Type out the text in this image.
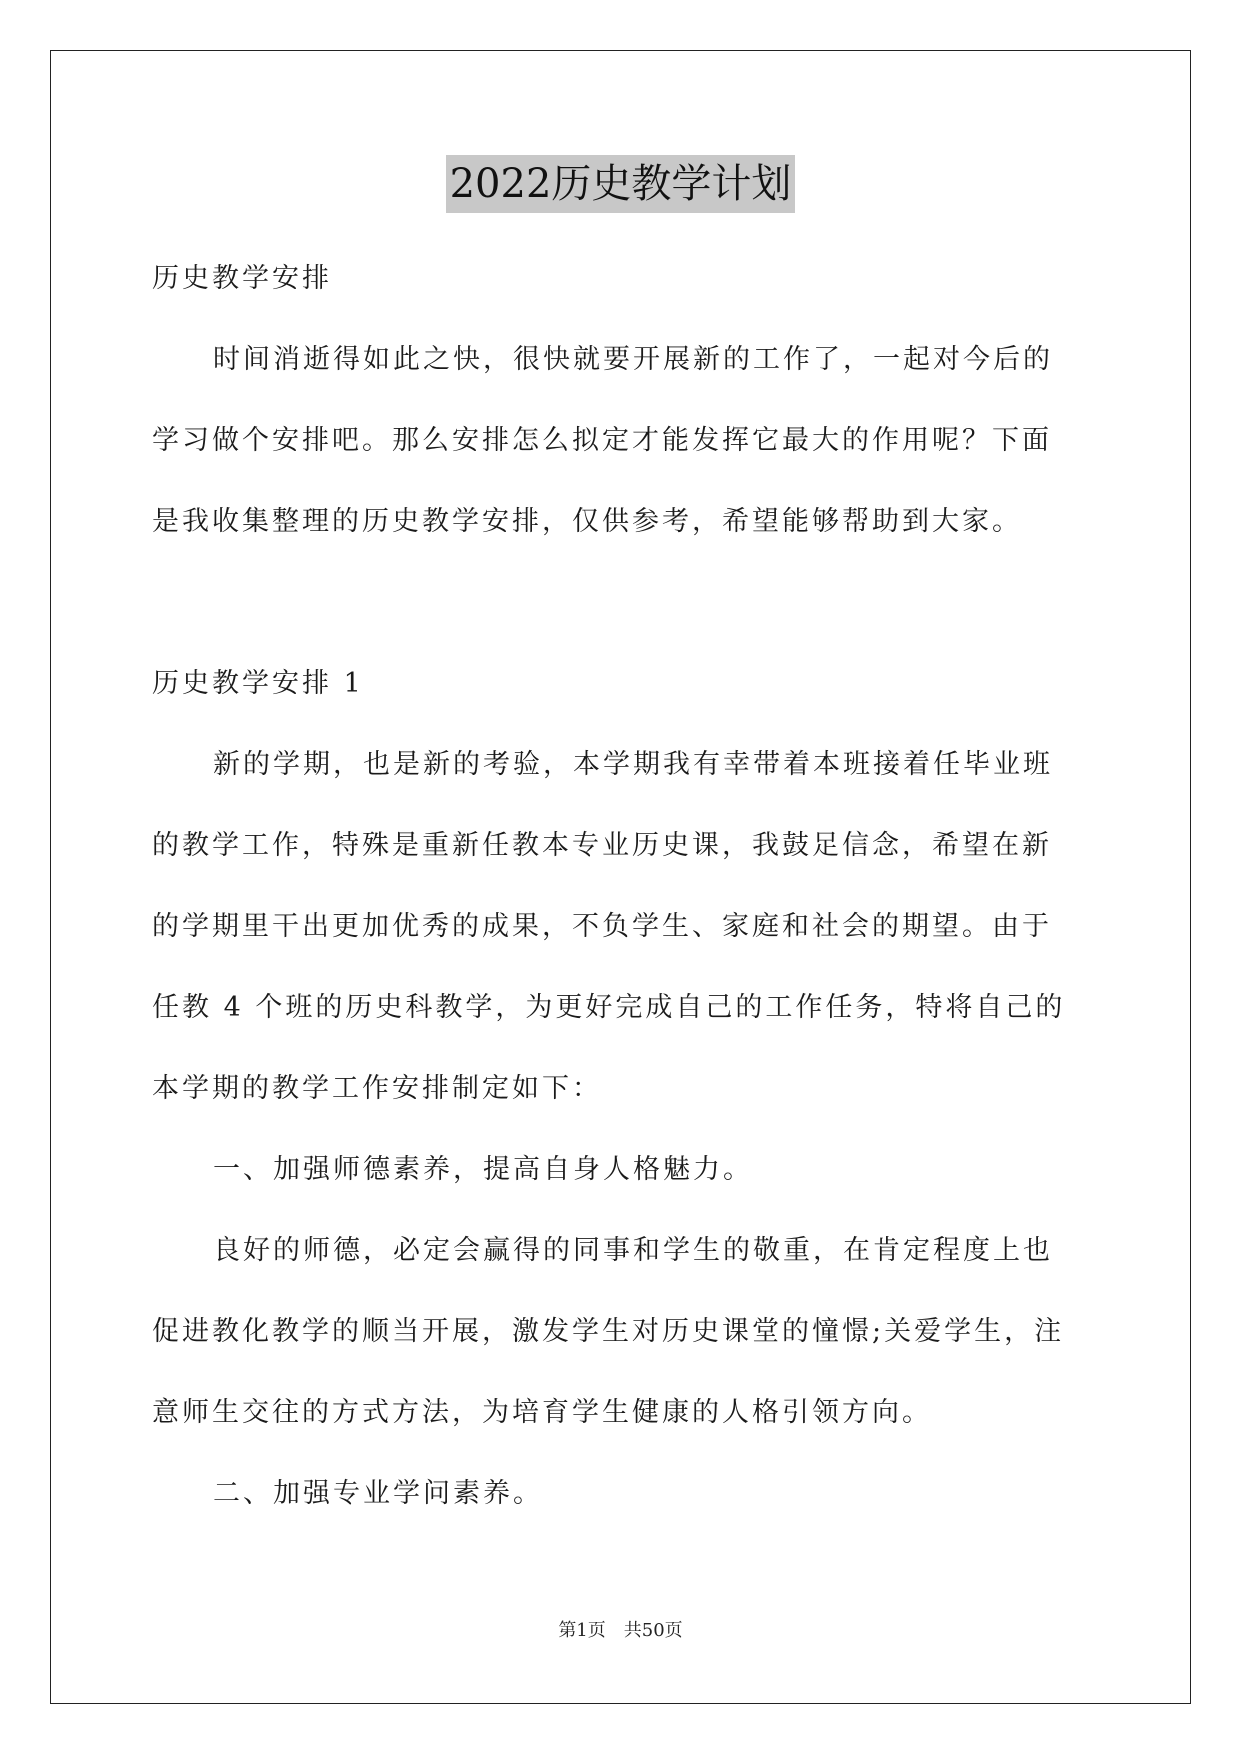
2022历史教学计划

历史教学安排

时间消逝得如此之快，很快就要开展新的工作了，一起对今后的

学习做个安排吧。那么安排怎么拟定才能发挥它最大的作用呢？下面

是我收集整理的历史教学安排，仅供参考，希望能够帮助到大家。

历史教学安排 1

新的学期，也是新的考验，本学期我有幸带着本班接着任毕业班

的教学工作，特殊是重新任教本专业历史课，我鼓足信念，希望在新

的学期里干出更加优秀的成果，不负学生、家庭和社会的期望。由于

任教 4 个班的历史科教学，为更好完成自己的工作任务，特将自己的

本学期的教学工作安排制定如下：

一、加强师德素养，提高自身人格魅力。

良好的师德，必定会赢得的同事和学生的敬重，在肯定程度上也

促进教化教学的顺当开展，激发学生对历史课堂的憧憬;关爱学生，注

意师生交往的方式方法，为培育学生健康的人格引领方向。

二、加强专业学问素养。

第1页　共50页
